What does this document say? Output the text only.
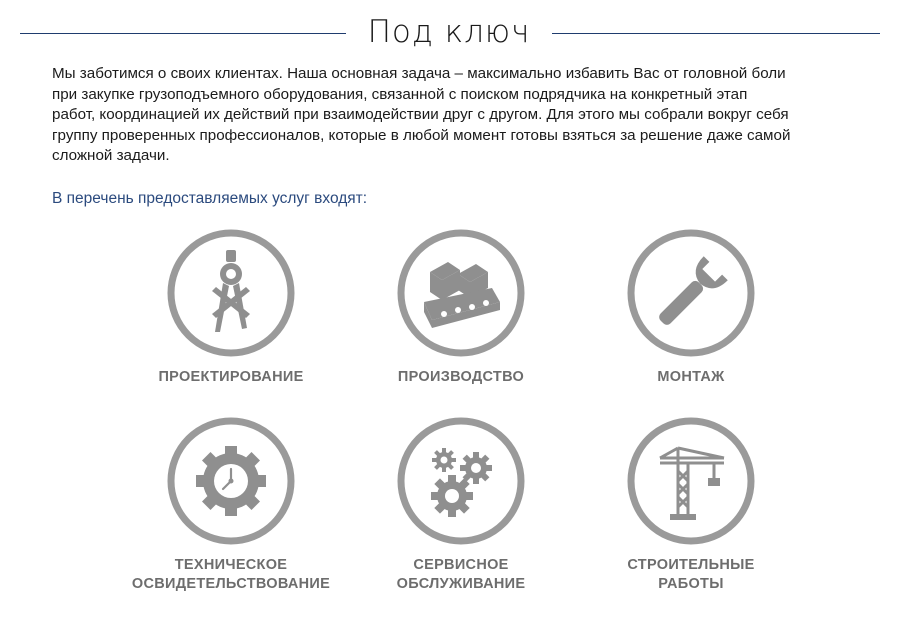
Под ключ
Мы заботимся о своих клиентах. Наша основная задача – максимально избавить Вас от головной боли
при закупке грузоподъемного оборудования, связанной с поиском подрядчика на конкретный этап
работ, координацией их действий при взаимодействии друг с другом. Для этого мы собрали вокруг себя
группу проверенных профессионалов, которые в любой момент готовы взяться за решение даже самой
сложной задачи.
В перечень предоставляемых услуг входят:
ПРОЕКТИРОВАНИЕ	ПРОИЗВОДСТВО	МОНТАЖ
ТЕХНИЧЕСКОЕ
ОСВИДЕТЕЛЬСТВОВАНИЕ
СЕРВИСНОЕ
ОБСЛУЖИВАНИЕ
СТРОИТЕЛЬНЫЕ
РАБОТЫ
